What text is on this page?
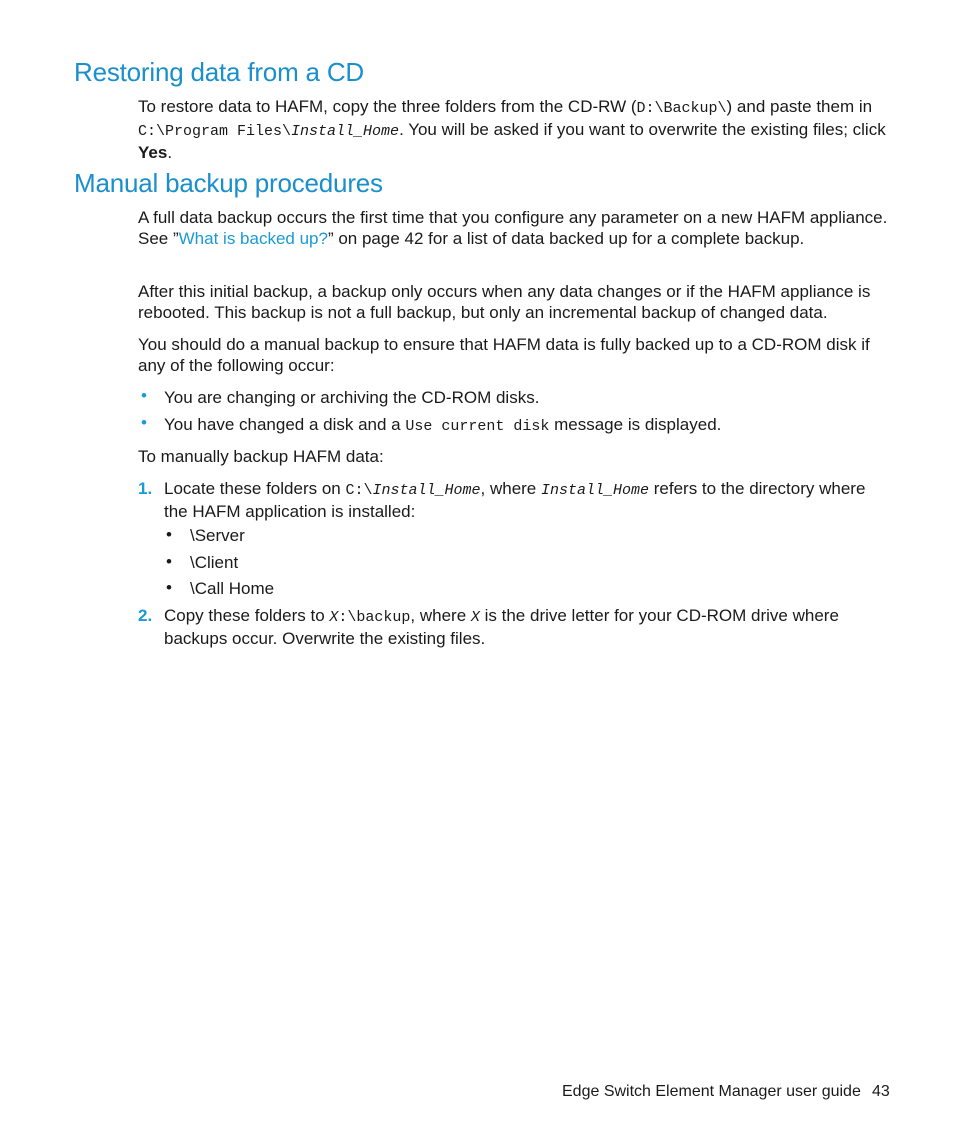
Restoring data from a CD

To restore data to HAFM, copy the three folders from the CD-RW (D:\Backup\) and paste them in
C:\Program Files\Install_Home. You will be asked if you want to overwrite the existing files; click Yes.

Manual backup procedures

A full data backup occurs the first time that you configure any parameter on a new HAFM appliance. See ”What is backed up?” on page 42 for a list of data backed up for a complete backup.

After this initial backup, a backup only occurs when any data changes or if the HAFM appliance is rebooted. This backup is not a full backup, but only an incremental backup of changed data.

You should do a manual backup to ensure that HAFM data is fully backed up to a CD-ROM disk if any of the following occur:

• You are changing or archiving the CD-ROM disks.
• You have changed a disk and a Use current disk message is displayed.

To manually backup HAFM data:

1. Locate these folders on C:\Install_Home, where Install_Home refers to the directory where the HAFM application is installed:
• \Server
• \Client
• \Call Home
2. Copy these folders to X:\backup, where X is the drive letter for your CD-ROM drive where backups occur. Overwrite the existing files.
Edge Switch Element Manager user guide 43
